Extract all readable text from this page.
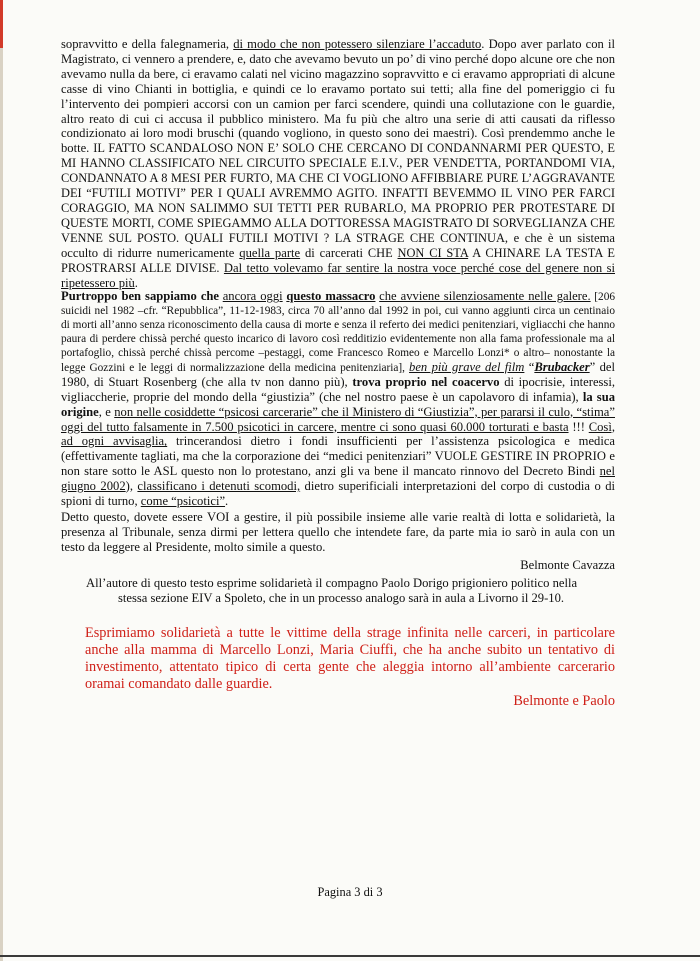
sopravvitto e della falegnameria, di modo che non potessero silenziare l’accaduto. Dopo aver parlato con il Magistrato, ci vennero a prendere, e, dato che avevamo bevuto un po’ di vino perché dopo alcune ore che non avevamo nulla da bere, ci eravamo calati nel vicino magazzino sopravvitto e ci eravamo appropriati di alcune casse di vino Chianti in bottiglia, e quindi ce lo eravamo portato sui tetti; alla fine del pomeriggio ci fu l’intervento dei pompieri accorsi con un camion per farci scendere, quindi una collutazione con le guardie, altro reato di cui ci accusa il pubblico ministero. Ma fu più che altro una serie di atti causati da riflesso condizionato ai loro modi bruschi (quando vogliono, in questo sono dei maestri). Così prendemmo anche le botte. IL FATTO SCANDALOSO NON E’ SOLO CHE CERCANO DI CONDANNARMI PER QUESTO, E MI HANNO CLASSIFICATO NEL CIRCUITO SPECIALE E.I.V., PER VENDETTA, PORTANDOMI VIA, CONDANNATO A 8 MESI PER FURTO, MA CHE CI VOGLIONO AFFIBBIARE PURE L’AGGRAVANTE DEI “FUTILI MOTIVI” PER I QUALI AVREMMO AGITO. INFATTI BEVEMMO IL VINO PER FARCI CORAGGIO, MA NON SALIMMO SUI TETTI PER RUBARLO, MA PROPRIO PER PROTESTARE DI QUESTE MORTI, COME SPIEGAMMO ALLA DOTTORESSA MAGISTRATO DI SORVEGLIANZA CHE VENNE SUL POSTO. QUALI FUTILI MOTIVI ? LA STRAGE CHE CONTINUA, e che è un sistema occulto di ridurre numericamente quella parte di carcerati CHE NON CI STA A CHINARE LA TESTA E PROSTRARSI ALLE DIVISE. Dal tetto volevamo far sentire la nostra voce perché cose del genere non si ripetessero più.

Purtroppo ben sappiamo che ancora oggi questo massacro che avviene silenziosamente nelle galere. [206 suicidi nel 1982 –cfr. “Repubblica”, 11-12-1983, circa 70 all’anno dal 1992 in poi, cui vanno aggiunti circa un centinaio di morti all’anno senza riconoscimento della causa di morte e senza il referto dei medici penitenziari, vigliacchi che hanno paura di perdere chissà perché questo incarico di lavoro così redditizio evidentemente non alla fama professionale ma al portafoglio, chissà perché chissà percome –pestaggi, come Francesco Romeo e Marcello Lonzi* o altro– nonostante la legge Gozzini e le leggi di normalizzazione della medicina penitenziaria], ben più grave del film “Brubacker” del 1980, di Stuart Rosenberg (che alla tv non danno più), trova proprio nel coacervo di ipocrisie, interessi, vigliaccherie, proprie del mondo della “giustizia” (che nel nostro paese è un capolavoro di infamia), la sua origine, e non nelle cosiddette “psicosi carcerarie” che il Ministero di “Giustizia”, per pararsi il culo, “stima” oggi del tutto falsamente in 7.500 psicotici in carcere, mentre ci sono quasi 60.000 torturati e basta !!! Così, ad ogni avvisaglia, trincerandosi dietro i fondi insufficienti per l’assistenza psicologica e medica (effettivamente tagliati, ma che la corporazione dei “medici penitenziari” VUOLE GESTIRE IN PROPRIO e non stare sotto le ASL questo non lo protestano, anzi gli va bene il mancato rinnovo del Decreto Bindi nel giugno 2002), classificano i detenuti scomodi, dietro superificiali interpretazioni del corpo di custodia o di spioni di turno, come “psicotici”.

Detto questo, dovete essere VOI a gestire, il più possibile insieme alle varie realtà di lotta e solidarietà, la presenza al Tribunale, senza dirmi per lettera quello che intendete fare, da parte mia io sarò in aula con un testo da leggere al Presidente, molto simile a questo.

Belmonte Cavazza
All’autore di questo testo esprime solidarietà il compagno Paolo Dorigo prigioniero politico nella
stessa sezione EIV a Spoleto, che in un processo analogo sarà in aula a Livorno il 29-10.

Esprimiamo solidarietà a tutte le vittime della strage infinita nelle carceri, in particolare anche alla mamma di Marcello Lonzi, Maria Ciuffi, che ha anche subito un tentativo di investimento, attentato tipico di certa gente che aleggia intorno all’ambiente carcerario oramai comandato dalle guardie.

Belmonte e Paolo
Pagina 3 di 3
